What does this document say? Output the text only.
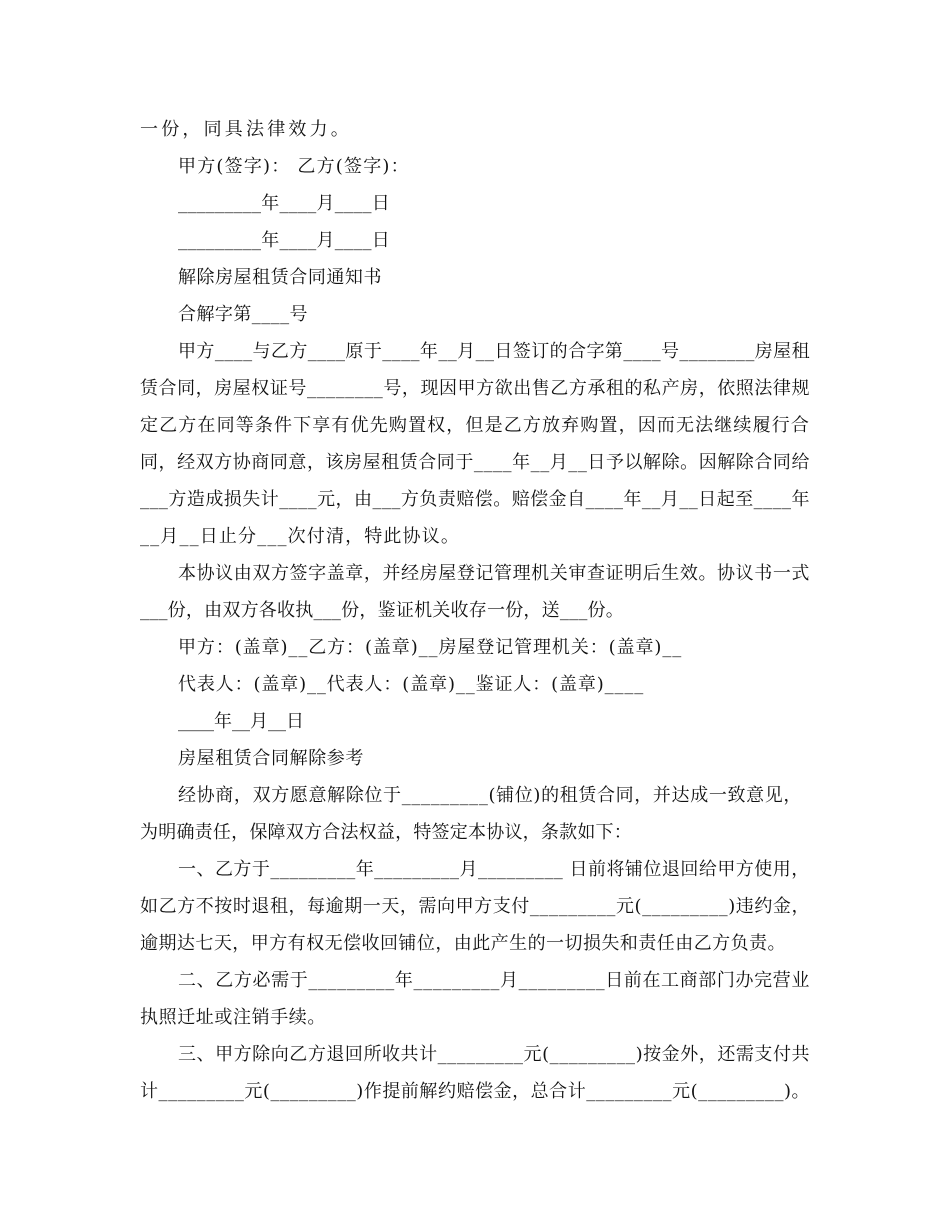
一份，同具法律效力。

甲方(签字)： 乙方(签字)：

_________年____月____日

_________年____月____日

解除房屋租赁合同通知书

合解字第____号

甲方____与乙方____原于____年__月__日签订的合字第____号________房屋租

赁合同，房屋权证号________号，现因甲方欲出售乙方承租的私产房，依照法律规

定乙方在同等条件下享有优先购置权，但是乙方放弃购置，因而无法继续履行合

同，经双方协商同意，该房屋租赁合同于____年__月__日予以解除。因解除合同给

___方造成损失计____元，由___方负责赔偿。赔偿金自____年__月__日起至____年

__月__日止分___次付清，特此协议。

本协议由双方签字盖章，并经房屋登记管理机关审查证明后生效。协议书一式

___份，由双方各收执___份，鉴证机关收存一份，送___份。

甲方：(盖章)__乙方：(盖章)__房屋登记管理机关：(盖章)__

代表人：(盖章)__代表人：(盖章)__鉴证人：(盖章)____

____年__月__日

房屋租赁合同解除参考

经协商，双方愿意解除位于_________(铺位)的租赁合同，并达成一致意见，

为明确责任，保障双方合法权益，特签定本协议，条款如下：

一、乙方于_________年_________月_________ 日前将铺位退回给甲方使用，

如乙方不按时退租，每逾期一天，需向甲方支付_________元(_________)违约金，

逾期达七天，甲方有权无偿收回铺位，由此产生的一切损失和责任由乙方负责。

二、乙方必需于_________年_________月_________日前在工商部门办完营业

执照迁址或注销手续。

三、甲方除向乙方退回所收共计_________元(_________)按金外，还需支付共

计_________元(_________)作提前解约赔偿金，总合计_________元(_________)。
